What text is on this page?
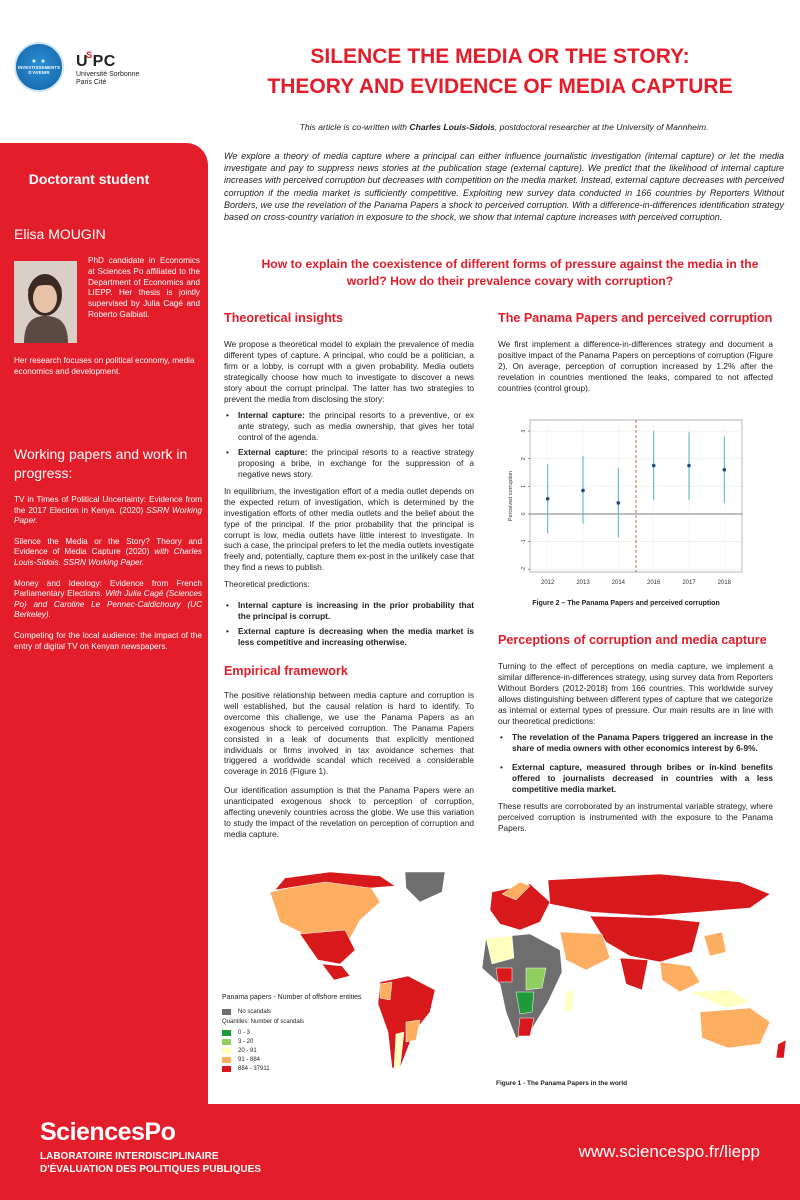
★ ★
INVESTISSEMENTS D'AVENIR
$U^SPC$
Université Sorbonne
Paris Cité
SILENCE THE MEDIA OR THE STORY:
THEORY AND EVIDENCE OF MEDIA CAPTURE
This article is co-written with Charles Louis-Sidois, postdoctoral researcher at the University of Mannheim.
We explore a theory of media capture where a principal can either influence journalistic investigation (internal capture) or let the media investigate and pay to suppress news stories at the publication stage (external capture). We predict that the likelihood of internal capture increases with perceived corruption but decreases with competition on the media market. Instead, external capture decreases with perceived corruption if the media market is sufficiently competitive. Exploiting new survey data conducted in 166 countries by Reporters Without Borders, we use the revelation of the Panama Papers a shock to perceived corruption. With a difference-in-differences identification strategy based on cross-country variation in exposure to the shock, we show that internal capture increases with perceived corruption.
Doctorant student
Elisa MOUGIN
PhD candidate in Economics at Sciences Po affiliated to the Department of Economics and LIEPP. Her thesis is jointly supervised by Julia Cagé and Roberto Galbiati.
Her research focuses on political economy, media economics and development.
Working papers and work in progress:

TV in Times of Political Uncertainty: Evidence from the 2017 Election in Kenya. (2020) SSRN Working Paper.

Silence the Media or the Story? Theory and Evidence of Media Capture (2020) with Charles Louis-Sidois. SSRN Working Paper.

Money and Ideology: Evidence from French Parliamentary Elections. With Julia Cagé (Sciences Po) and Caroline Le Pennec-Caldichoury (UC Berkeley).

Competing for the local audience: the impact of the entry of digital TV on Kenyan newspapers.

How to explain the coexistence of different forms of pressure against the media in the world? How do their prevalence covary with corruption?
Theoretical insights

We propose a theoretical model to explain the prevalence of media different types of capture. A principal, who could be a politician, a firm or a lobby, is corrupt with a given probability. Media outlets strategically choose how much to investigate to discover a news story about the corrupt principal. The latter has two strategies to prevent the media from disclosing the story:

• Internal capture: the principal resorts to a preventive, or ex ante strategy, such as media ownership, that gives her total control of the agenda.
• External capture: the principal resorts to a reactive strategy proposing a bribe, in exchange for the suppression of a negative news story.

In equilibrium, the investigation effort of a media outlet depends on the expected return of investigation, which is determined by the investigation efforts of other media outlets and the belief about the type of the principal. If the prior probability that the principal is corrupt is low, media outlets have little interest to investigate. In such a case, the principal prefers to let the media outlets investigate freely and, potentially, capture them ex-post in the unlikely case that they find a news to publish.

Theoretical predictions:

• Internal capture is increasing in the prior probability that the principal is corrupt.
• External capture is decreasing when the media market is less competitive and increasing otherwise.
Empirical framework

The positive relationship between media capture and corruption is well established, but the causal relation is hard to identify. To overcome this challenge, we use the Panama Papers as an exogenous shock to perceived corruption. The Panama Papers consisted in a leak of documents that explicitly mentioned individuals or firms involved in tax avoidance schemes that triggered a worldwide scandal which received a considerable coverage in 2016 (Figure 1).

Our identification assumption is that the Panama Papers were an unanticipated exogenous shock to perception of corruption, affecting unevenly countries across the globe. We use this variation to study the impact of the revelation on perception of corruption and media capture.

The Panama Papers and perceived corruption

We first implement a difference-in-differences strategy and document a positive impact of the Panama Papers on perceptions of corruption (Figure 2). On average, perception of corruption increased by 1.2% after the revelation in countries mentioned the leaks, compared to not affected countries (control group).

-2
-1
0
1
2
3
Perceived corruption
2012	2013	2014	2016	2017	2018
Figure 2 – The Panama Papers and perceived corruption
Perceptions of corruption and media capture

Turning to the effect of perceptions on media capture, we implement a similar difference-in-differences strategy, using survey data from Reporters Without Borders (2012-2018) from 166 countries. This worldwide survey allows distinguishing between different types of capture that we categorize as internal or external types of pressure. Our main results are in line with our theoretical predictions:

• The revelation of the Panama Papers triggered an increase in the share of media owners with other economics interest by 6-9%.
• External capture, measured through bribes or in-kind benefits offered to journalists decreased in countries with a less competitive media market.

These results are corroborated by an instrumental variable strategy, where perceived corruption is instrumented with the exposure to the Panama Papers.

Panama papers - Number of offshore entities
No scandals
Quantiles: Number of scandals
0 - 3
3 - 20
20 - 91
91 - 884
884 - 37911
Figure 1 - The Panama Papers in the world
SciencesPo
LABORATOIRE INTERDISCIPLINAIRE
D'ÉVALUATION DES POLITIQUES PUBLIQUES
www.sciencespo.fr/liepp
